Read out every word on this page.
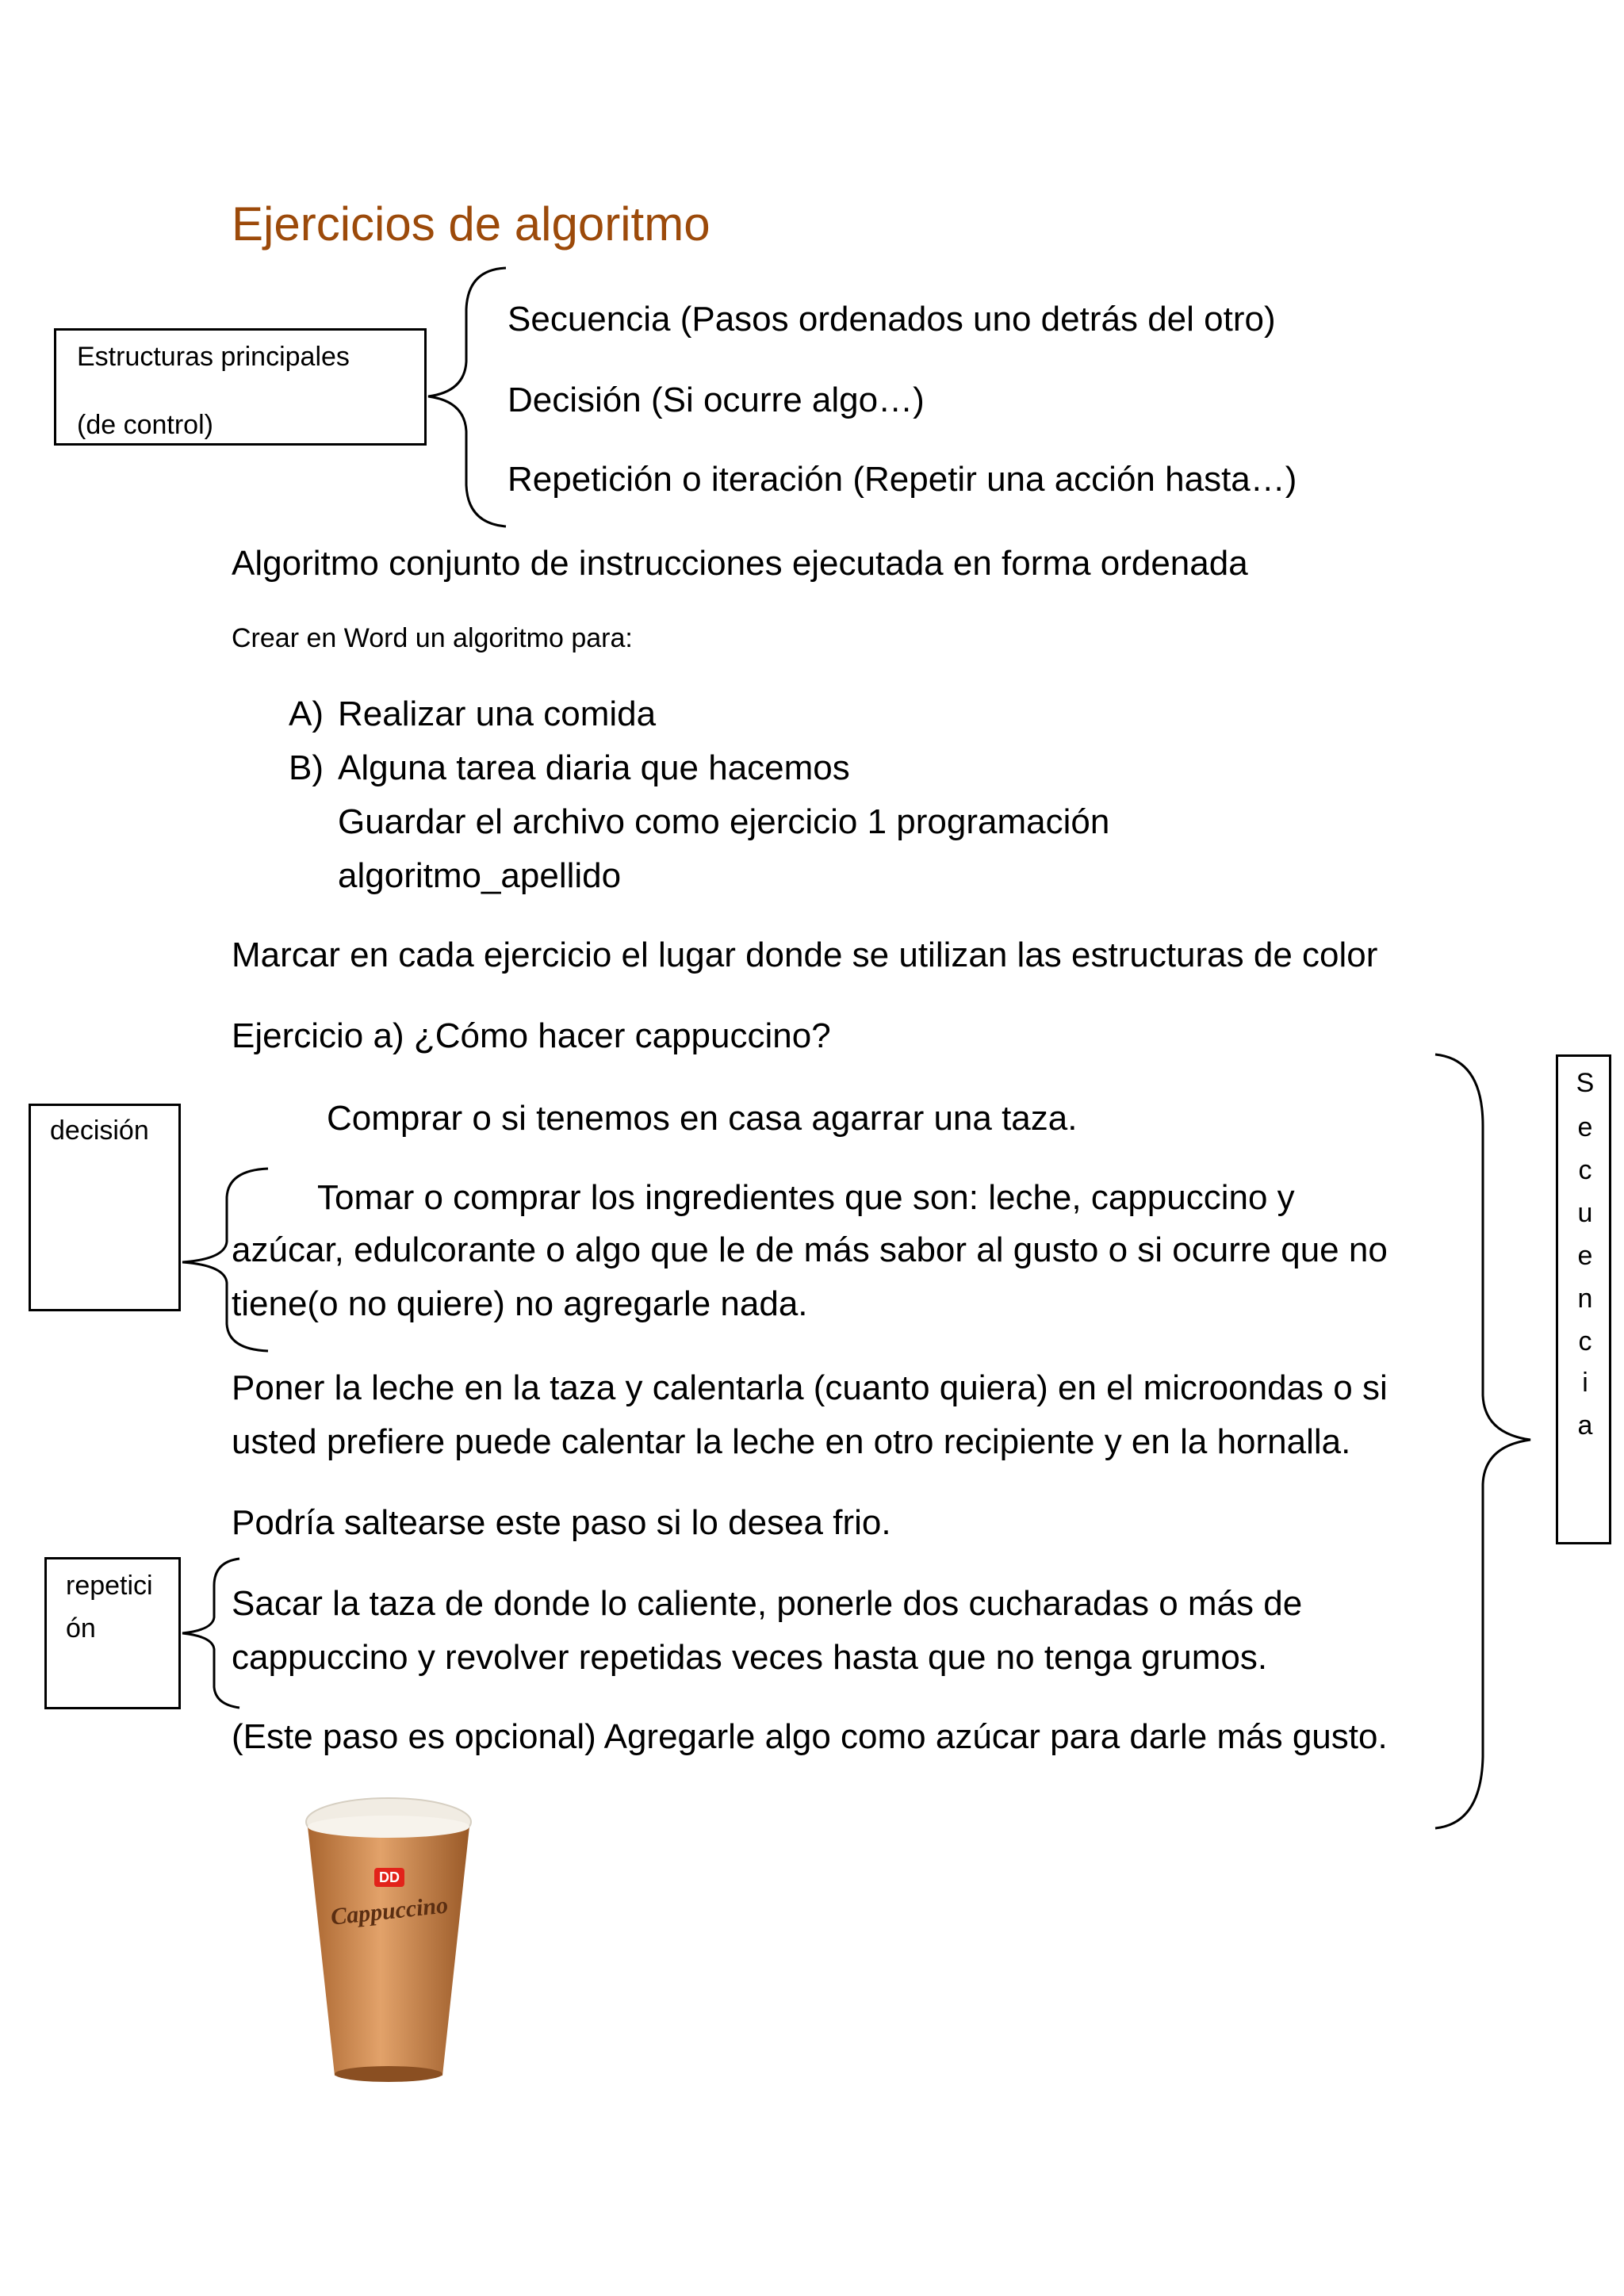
Ejercicios de algoritmo
Estructuras principales
(de control)
Secuencia (Pasos ordenados uno detrás del otro)
Decisión (Si ocurre algo…)
Repetición o iteración (Repetir una acción hasta…)
Algoritmo conjunto de instrucciones ejecutada en forma ordenada
Crear en Word un algoritmo para:
A) Realizar una comida
B) Alguna tarea diaria que hacemos
Guardar el archivo como ejercicio 1 programación
algoritmo_apellido
Marcar en cada ejercicio el lugar donde se utilizan las estructuras de color
Ejercicio a) ¿Cómo hacer cappuccino?
Comprar o si tenemos en casa agarrar una taza.
Tomar o comprar los ingredientes que son: leche, cappuccino y
azúcar, edulcorante o algo que le de más sabor al gusto o si ocurre que no
tiene(o no quiere) no agregarle nada.
Poner la leche en la taza y calentarla (cuanto quiera) en el microondas o si
usted prefiere puede calentar la leche en otro recipiente y en la hornalla.
Podría saltearse este paso si lo desea frio.
Sacar la taza de donde lo caliente, ponerle dos cucharadas o más de
cappuccino y revolver repetidas veces hasta que no tenga grumos.
(Este paso es opcional) Agregarle algo como azúcar para darle más gusto.
decisión
repetici
ón
S
e
c
u
e
n
c
i
a
DD
Cappuccino
